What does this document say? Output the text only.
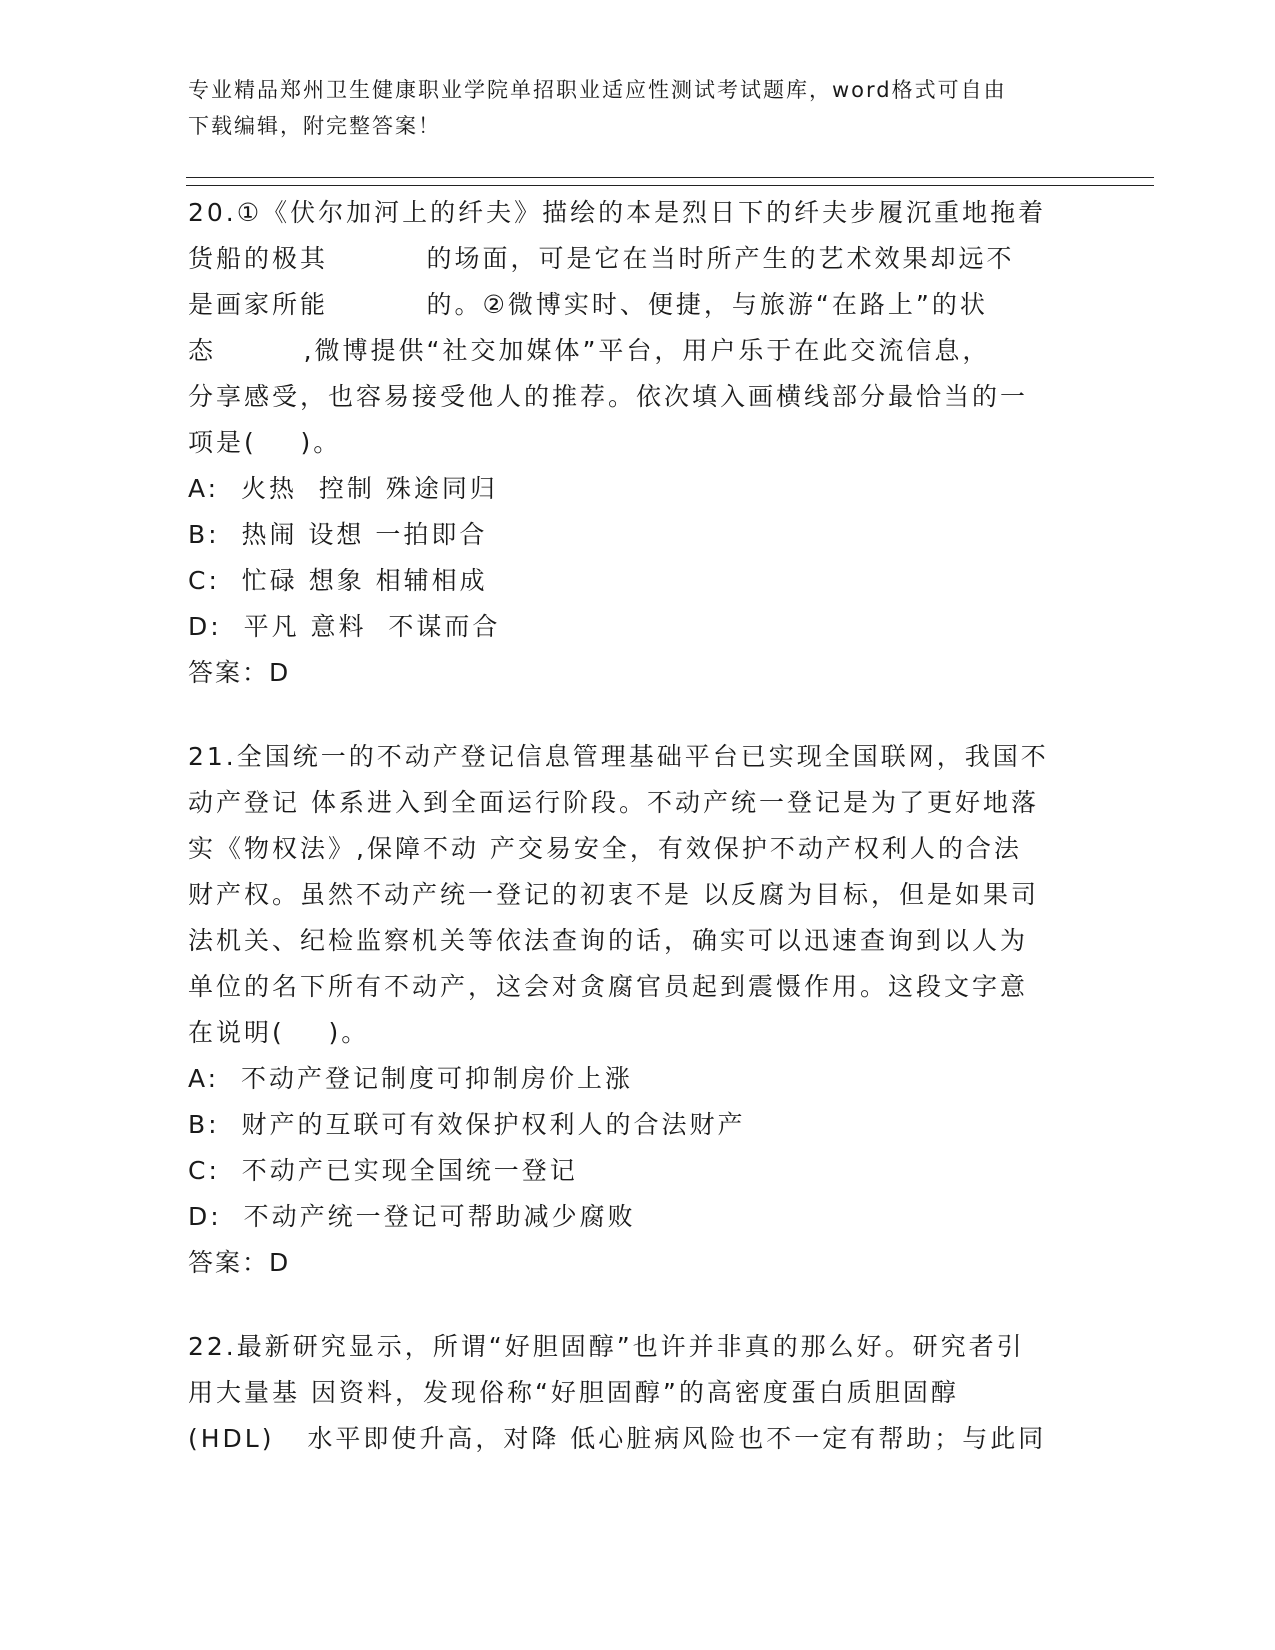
专业精品郑州卫生健康职业学院单招职业适应性测试考试题库，word格式可自由
下载编辑，附完整答案！

20.①《伏尔加河上的纤夫》描绘的本是烈日下的纤夫步履沉重地拖着
货船的极其         的场面，可是它在当时所产生的艺术效果却远不
是画家所能         的。②微博实时、便捷，与旅游“在路上”的状
态        ,微博提供“社交加媒体”平台，用户乐于在此交流信息，
分享感受，也容易接受他人的推荐。依次填入画横线部分最恰当的一
项是(    )。

A:  火热  控制 殊途同归
B:  热闹 设想 一拍即合
C:  忙碌 想象 相辅相成
D:  平凡 意料  不谋而合
答案：D

21.全国统一的不动产登记信息管理基础平台已实现全国联网，我国不
动产登记 体系进入到全面运行阶段。不动产统一登记是为了更好地落
实《物权法》,保障不动 产交易安全，有效保护不动产权利人的合法
财产权。虽然不动产统一登记的初衷不是 以反腐为目标，但是如果司
法机关、纪检监察机关等依法查询的话，确实可以迅速查询到以人为
单位的名下所有不动产，这会对贪腐官员起到震慑作用。这段文字意
在说明(    )。

A:  不动产登记制度可抑制房价上涨
B:  财产的互联可有效保护权利人的合法财产
C:  不动产已实现全国统一登记
D:  不动产统一登记可帮助减少腐败
答案：D

22.最新研究显示，所谓“好胆固醇”也许并非真的那么好。研究者引
用大量基 因资料，发现俗称“好胆固醇”的高密度蛋白质胆固醇
(HDL)   水平即使升高，对降 低心脏病风险也不一定有帮助；与此同
